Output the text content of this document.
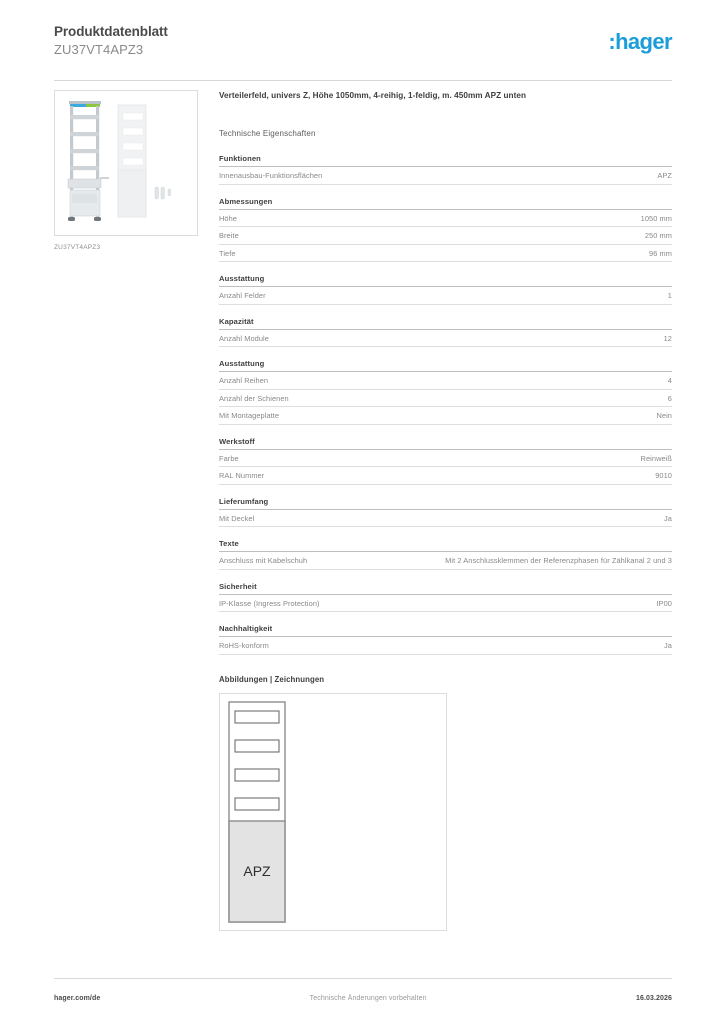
Produktdatenblatt
ZU37VT4APZ3	:hager
ZU37VT4APZ3
Verteilerfeld, univers Z, Höhe 1050mm, 4-reihig, 1-feldig, m. 450mm APZ unten
Technische Eigenschaften
Funktionen
Innenausbau-Funktionsflächen	APZ
Abmessungen
Höhe	1050 mm
Breite	250 mm
Tiefe	96 mm
Ausstattung
Anzahl Felder	1
Kapazität
Anzahl Module	12
Ausstattung
Anzahl Reihen	4
Anzahl der Schienen	6
Mit Montageplatte	Nein
Werkstoff
Farbe	Reinweiß
RAL Nummer	9010
Lieferumfang
Mit Deckel	Ja
Texte
Anschluss mit Kabelschuh	Mit 2 Anschlussklemmen der Referenzphasen für Zählkanal 2 und 3
Sicherheit
IP-Klasse (Ingress Protection)	IP00
Nachhaltigkeit
RoHS-konform	Ja
Abbildungen | Zeichnungen
APZ
hager.com/de	Technische Änderungen vorbehalten	16.03.2026
